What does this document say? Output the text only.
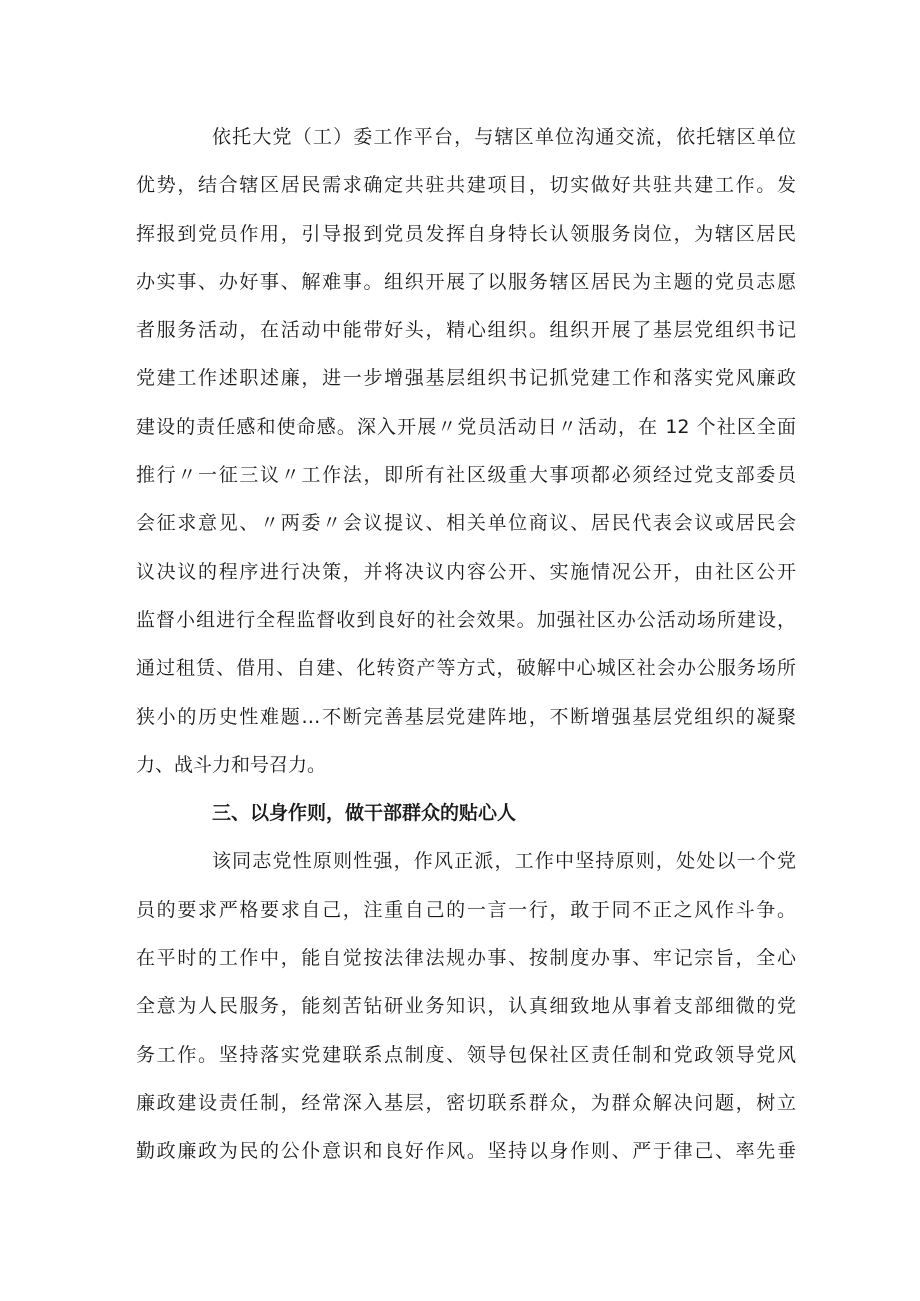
依托大党（工）委工作平台，与辖区单位沟通交流，依托辖区单位
优势，结合辖区居民需求确定共驻共建项目，切实做好共驻共建工作。发
挥报到党员作用，引导报到党员发挥自身特长认领服务岗位，为辖区居民
办实事、办好事、解难事。组织开展了以服务辖区居民为主题的党员志愿
者服务活动，在活动中能带好头，精心组织。组织开展了基层党组织书记
党建工作述职述廉，进一步增强基层组织书记抓党建工作和落实党风廉政
建设的责任感和使命感。深入开展〃党员活动日〃活动，在 12 个社区全面
推行〃一征三议〃工作法，即所有社区级重大事项都必须经过党支部委员
会征求意见、〃两委〃会议提议、相关单位商议、居民代表会议或居民会
议决议的程序进行决策，并将决议内容公开、实施情况公开，由社区公开
监督小组进行全程监督收到良好的社会效果。加强社区办公活动场所建设，
通过租赁、借用、自建、化转资产等方式，破解中心城区社会办公服务场所
狭小的历史性难题…不断完善基层党建阵地，不断增强基层党组织的凝聚
力、战斗力和号召力。
三、以身作则，做干部群众的贴心人
该同志党性原则性强，作风正派，工作中坚持原则，处处以一个党
员的要求严格要求自己，注重自己的一言一行，敢于同不正之风作斗争。
在平时的工作中，能自觉按法律法规办事、按制度办事、牢记宗旨，全心
全意为人民服务，能刻苦钻研业务知识，认真细致地从事着支部细微的党
务工作。坚持落实党建联系点制度、领导包保社区责任制和党政领导党风
廉政建设责任制，经常深入基层，密切联系群众，为群众解决问题，树立
勤政廉政为民的公仆意识和良好作风。坚持以身作则、严于律己、率先垂
